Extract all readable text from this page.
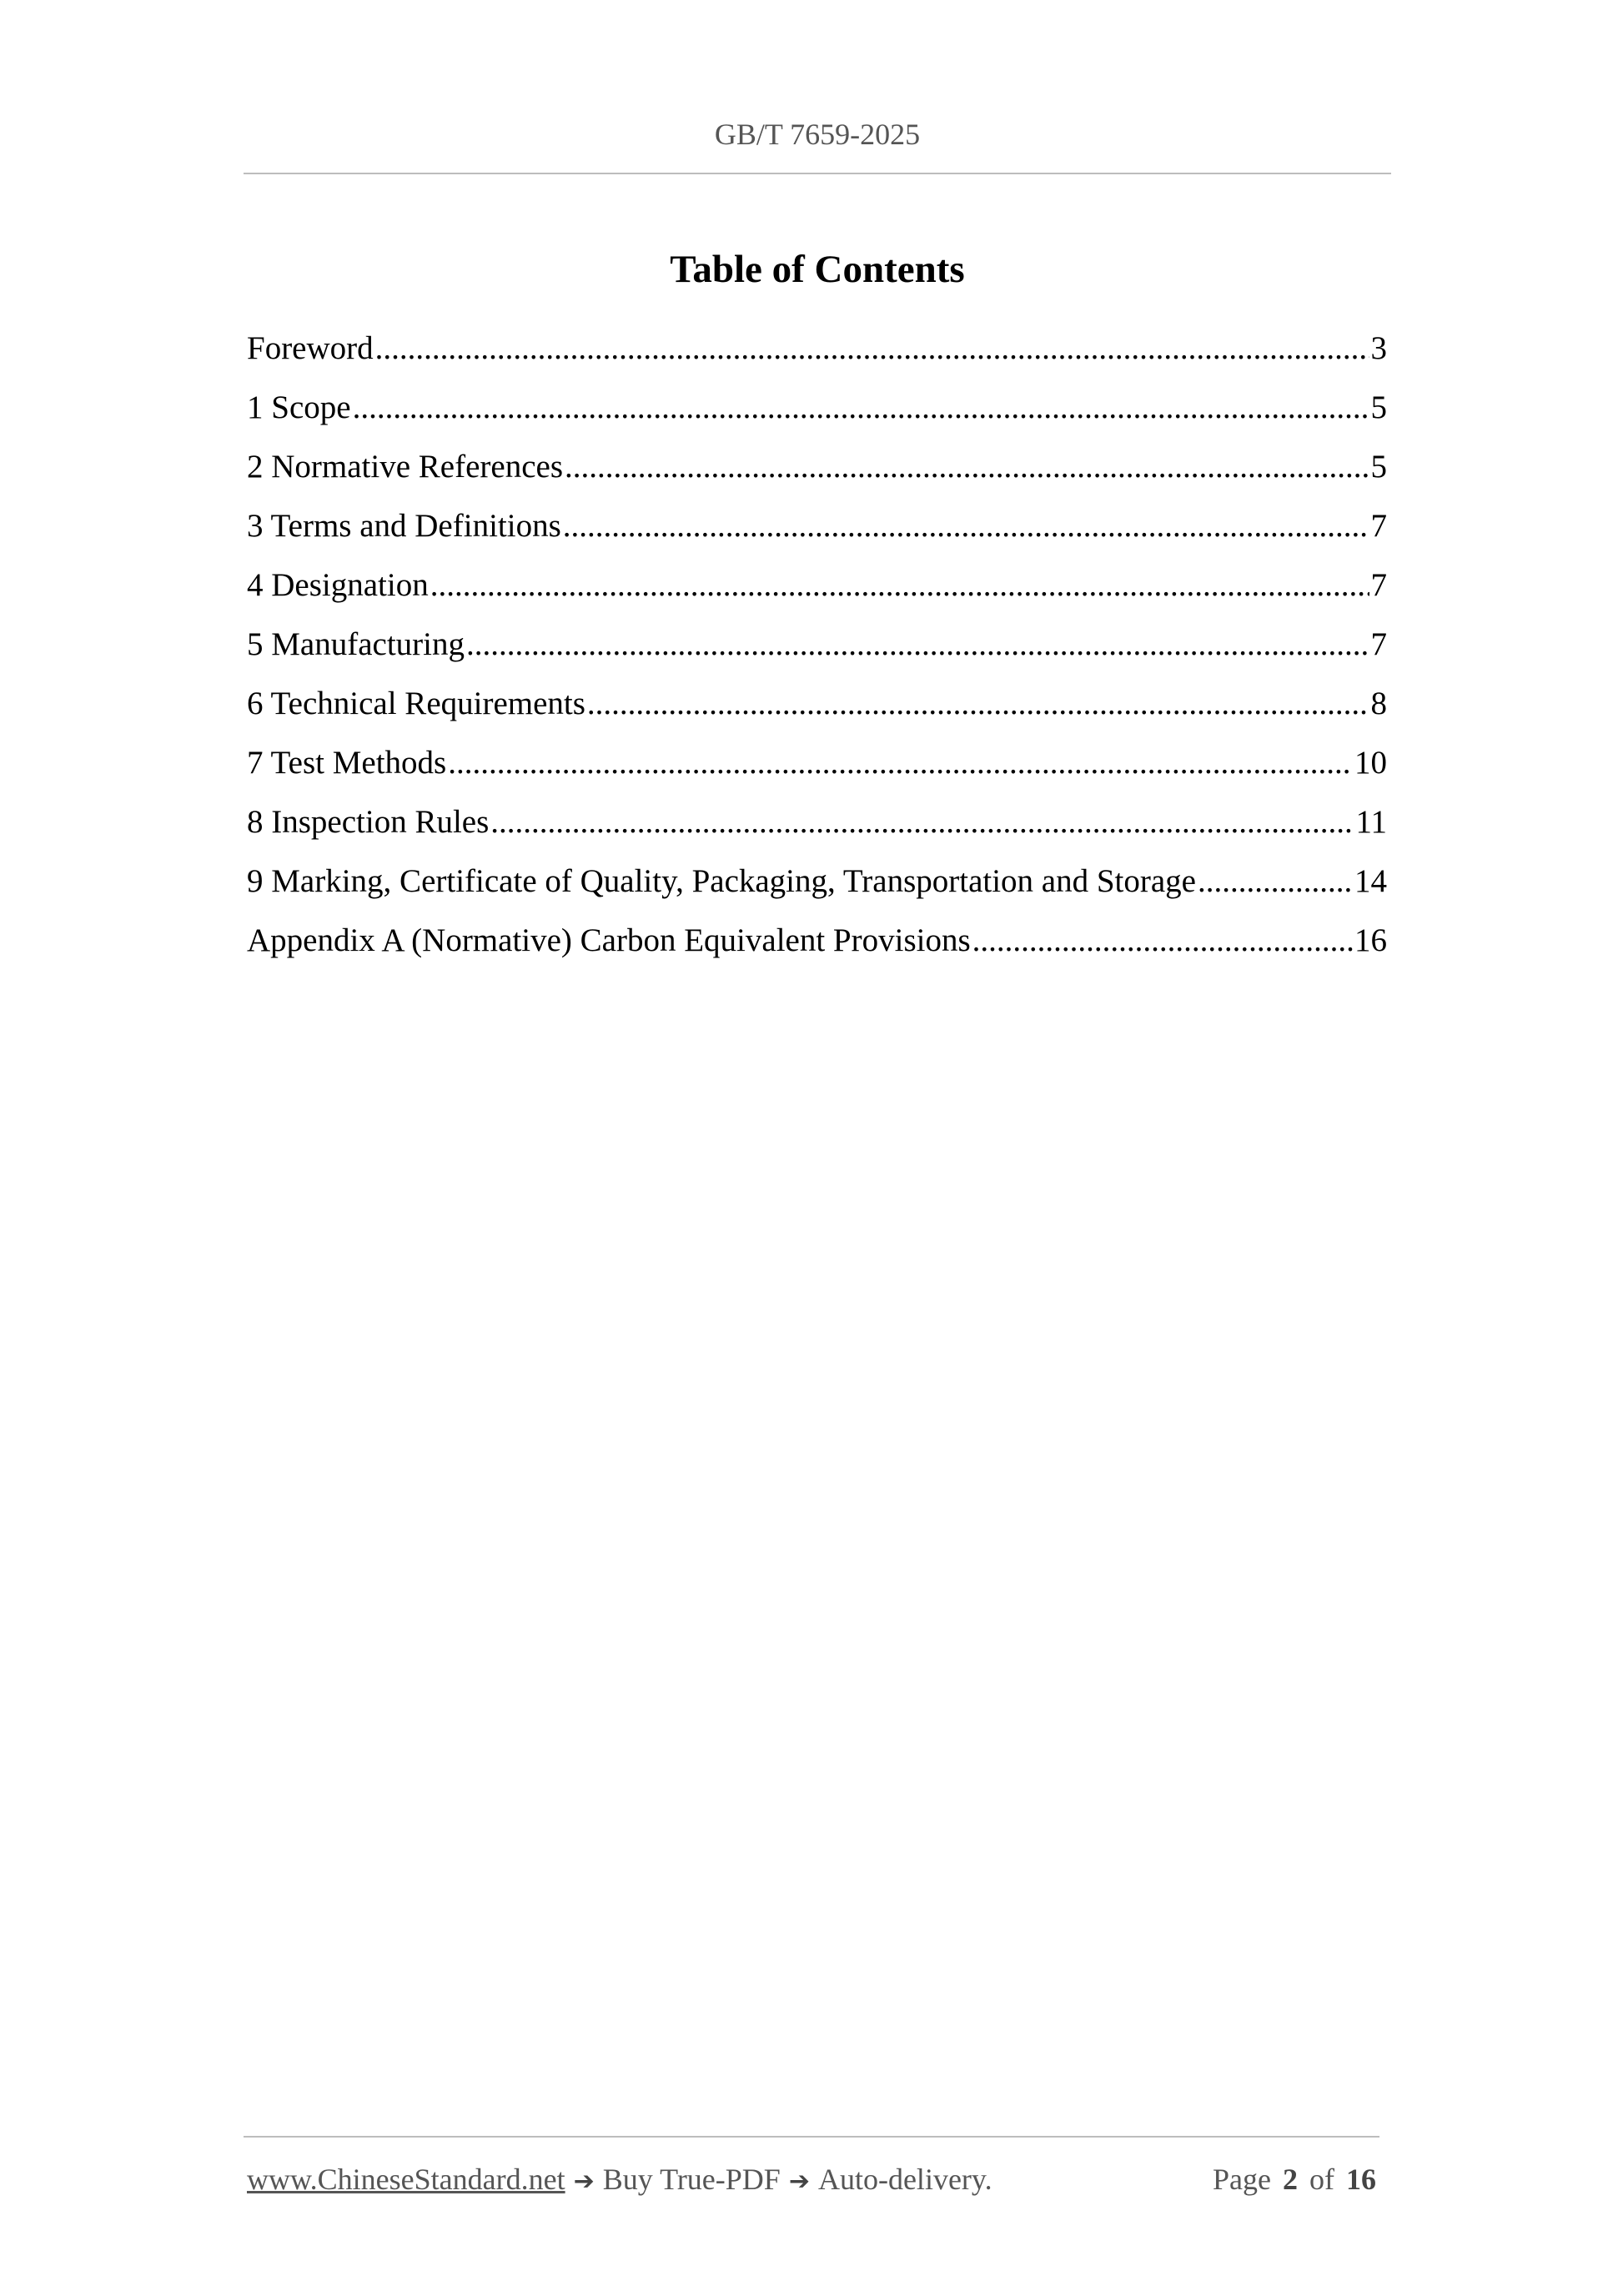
GB/T 7659-2025
Table of Contents
Foreword .....	3
1 Scope .....	5
2 Normative References .....	5
3 Terms and Definitions .....	7
4 Designation .....	7
5 Manufacturing .....	7
6 Technical Requirements .....	8
7 Test Methods .....	10
8 Inspection Rules .....	11
9 Marking, Certificate of Quality, Packaging, Transportation and Storage .....	14
Appendix A (Normative) Carbon Equivalent Provisions .....	16
www.ChineseStandard.net ➔ Buy True-PDF ➔ Auto-delivery.	Page 2 of 16
